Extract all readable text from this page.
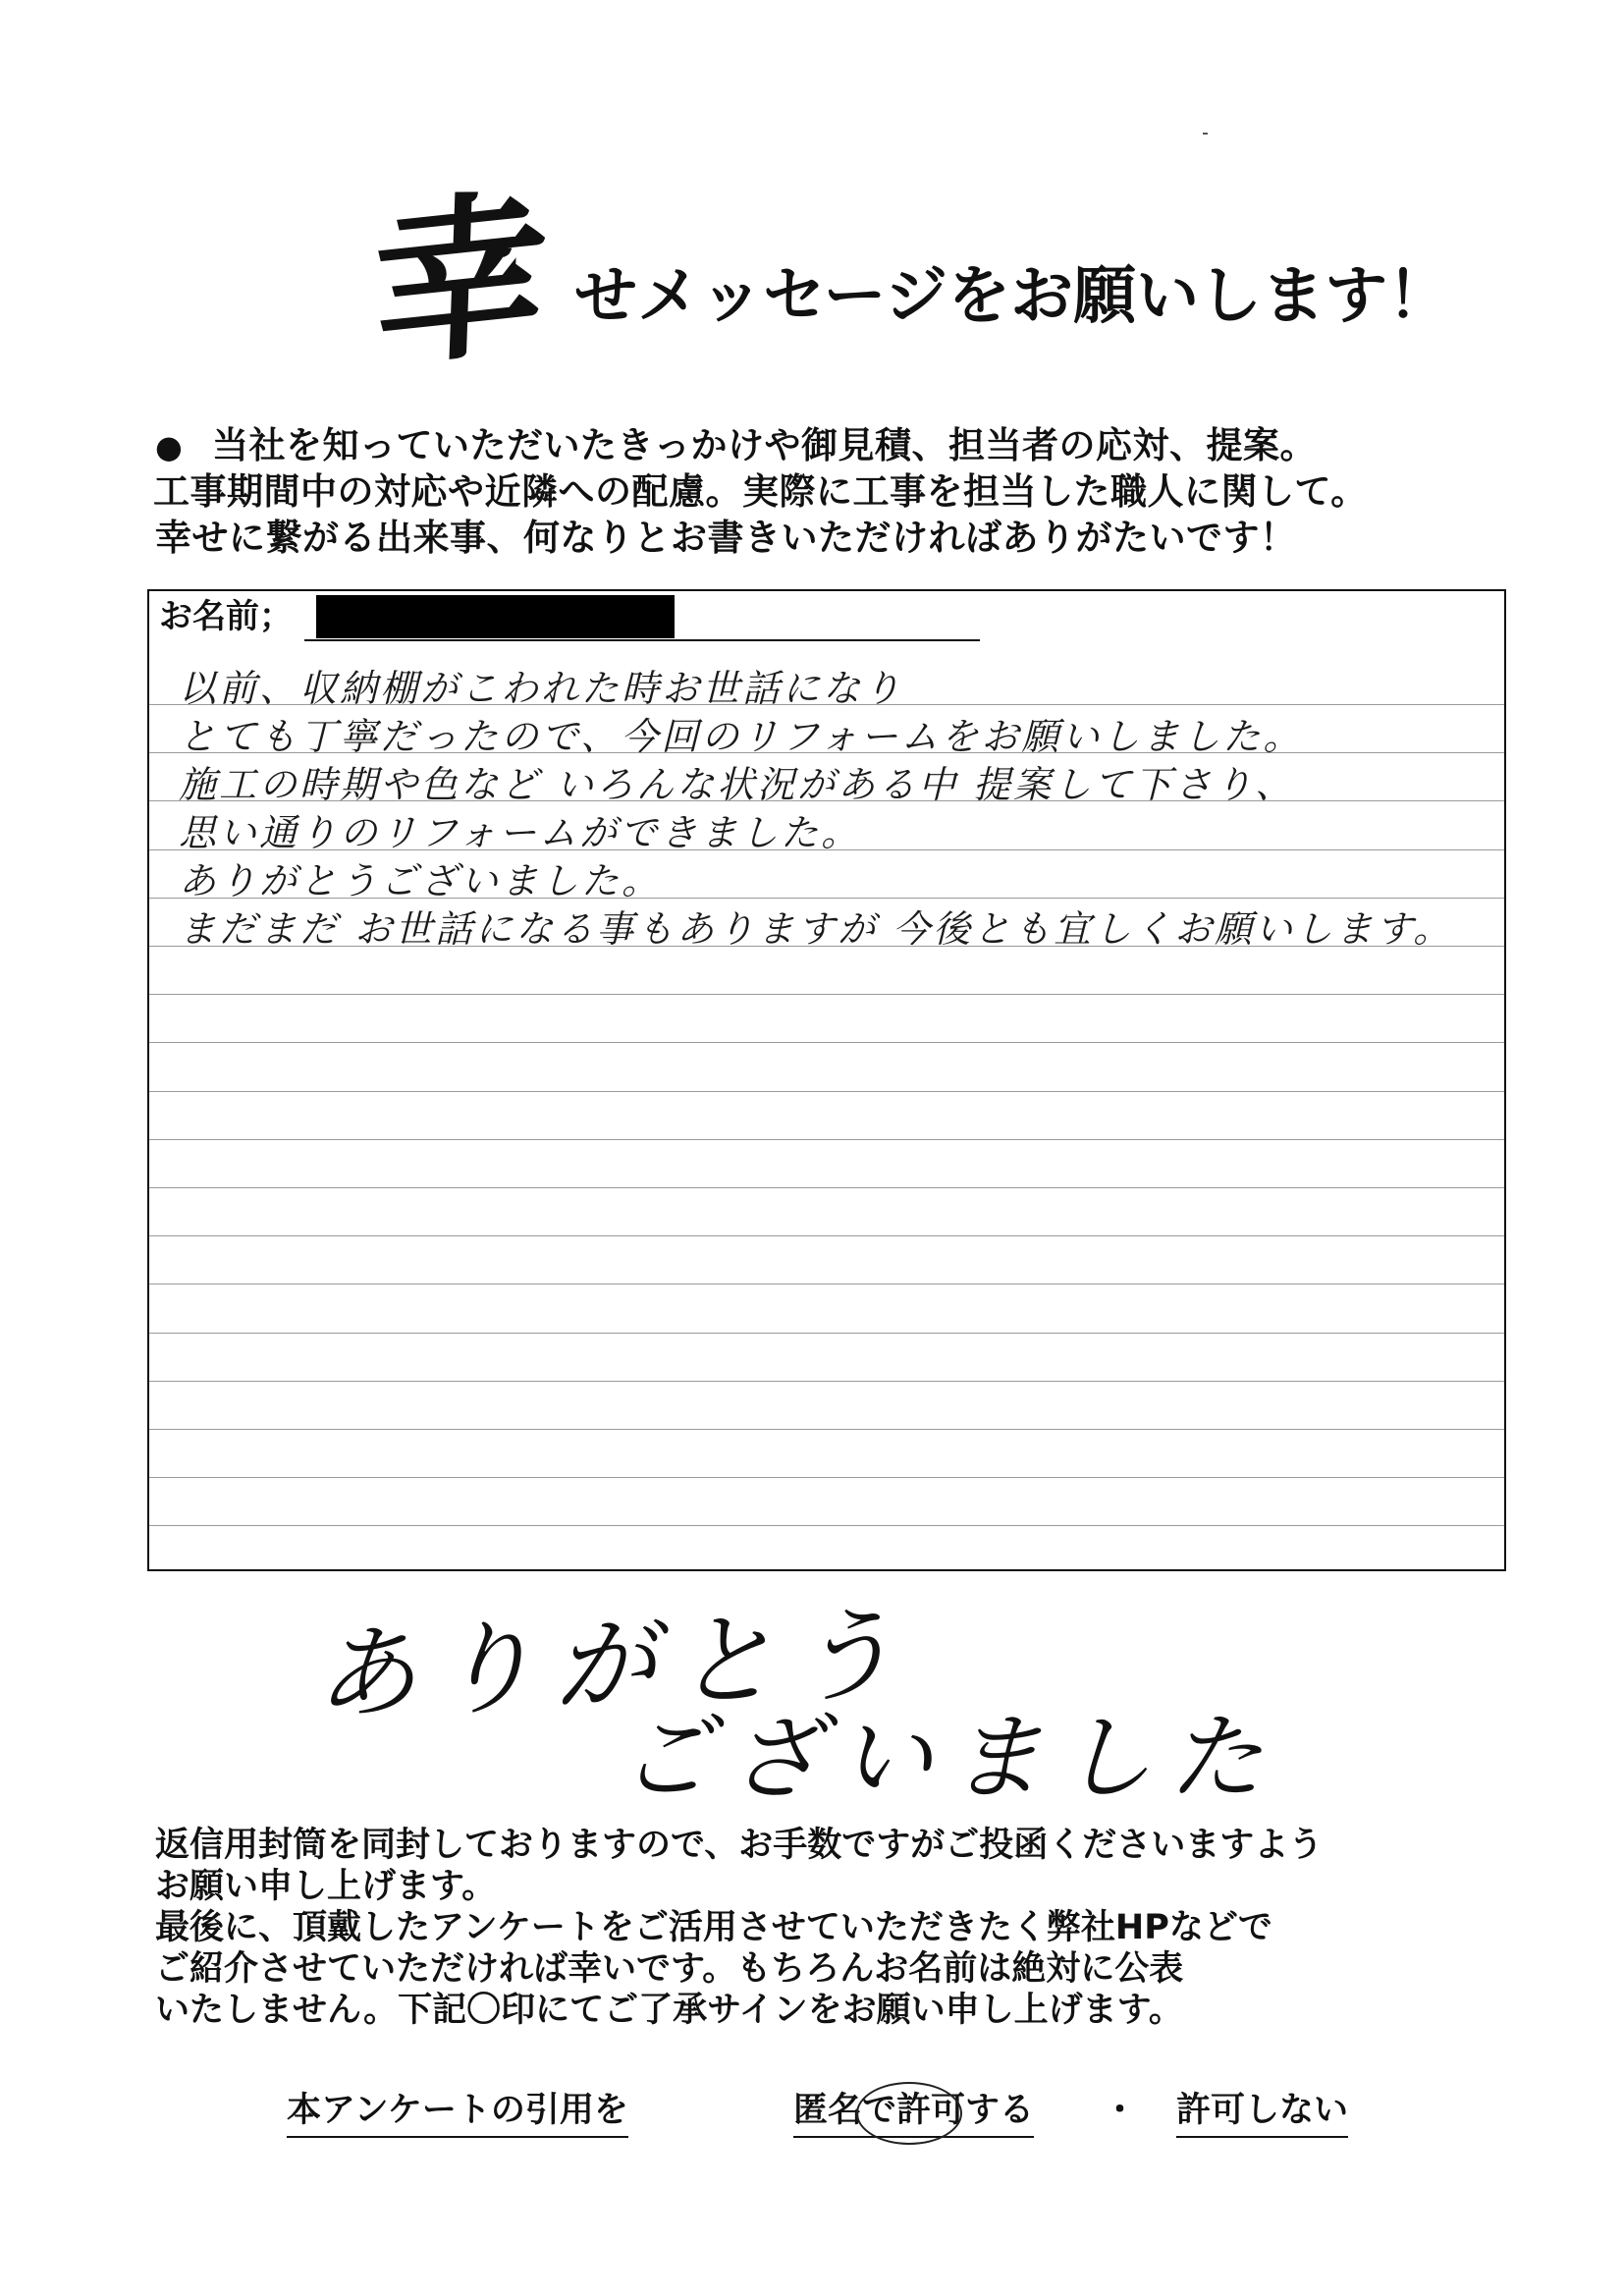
幸 せメッセージをお願いします！
● 当社を知っていただいたきっかけや御見積、担当者の応対、提案。
工事期間中の対応や近隣への配慮。実際に工事を担当した職人に関して。
幸せに繋がる出来事、何なりとお書きいただければありがたいです！
お名前；
以前、収納棚がこわれた時お世話になり
とても丁寧だったので、今回のリフォームをお願いしました。
施工の時期や色など いろんな状況がある中 提案して下さり、
思い通りのリフォームができました。
ありがとうございました。
まだまだ お世話になる事もありますが 今後とも宜しくお願いします。
ありがとう
ございました
返信用封筒を同封しておりますので、お手数ですがご投函くださいますよう
お願い申し上げます。
最後に、頂戴したアンケートをご活用させていただきたく弊社HPなどで
ご紹介させていただければ幸いです。もちろんお名前は絶対に公表
いたしません。下記〇印にてご了承サインをお願い申し上げます。
本アンケートの引用を	匿名で許可する ・ 許可しない
